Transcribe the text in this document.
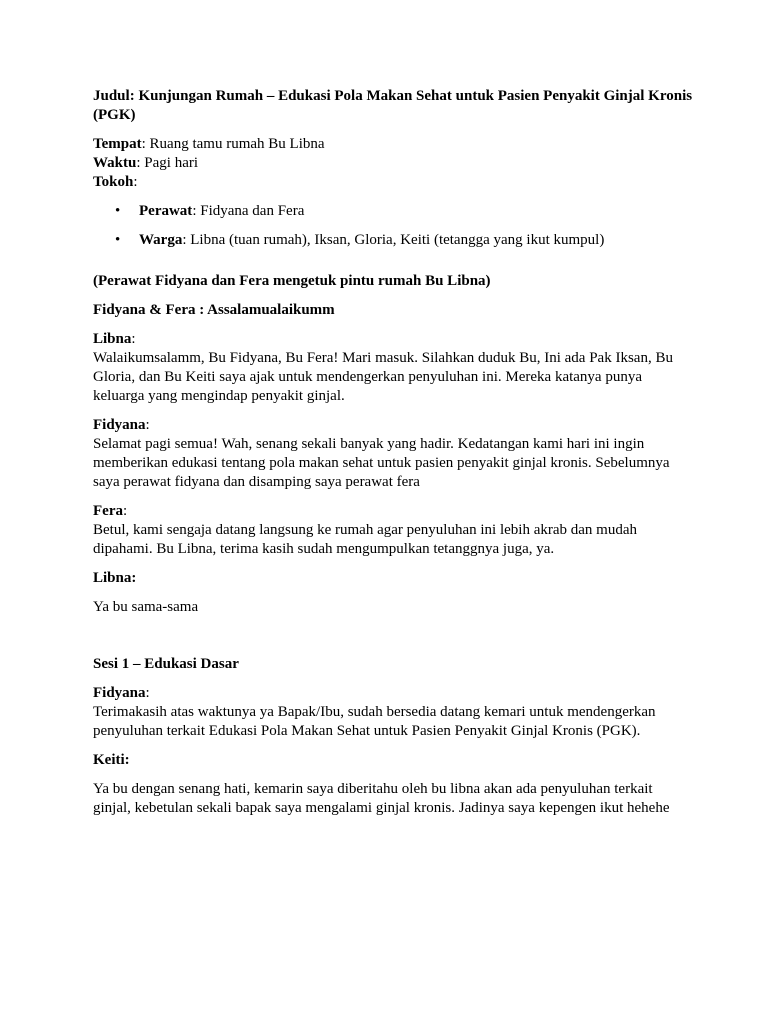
Judul: Kunjungan Rumah – Edukasi Pola Makan Sehat untuk Pasien Penyakit Ginjal Kronis (PGK)

Tempat: Ruang tamu rumah Bu Libna
Waktu: Pagi hari
Tokoh:
• Perawat: Fidyana dan Fera
• Warga: Libna (tuan rumah), Iksan, Gloria, Keiti (tetangga yang ikut kumpul)

(Perawat Fidyana dan Fera mengetuk pintu rumah Bu Libna)

Fidyana & Fera : Assalamualaikumm

Libna:

Walaikumsalamm, Bu Fidyana, Bu Fera! Mari masuk. Silahkan duduk Bu, Ini ada Pak Iksan, Bu Gloria, dan Bu Keiti saya ajak untuk mendengerkan penyuluhan ini. Mereka katanya punya keluarga yang mengindap penyakit ginjal.

Fidyana:

Selamat pagi semua! Wah, senang sekali banyak yang hadir. Kedatangan kami hari ini ingin memberikan edukasi tentang pola makan sehat untuk pasien penyakit ginjal kronis. Sebelumnya saya perawat fidyana dan disamping saya perawat fera

Fera:

Betul, kami sengaja datang langsung ke rumah agar penyuluhan ini lebih akrab dan mudah dipahami. Bu Libna, terima kasih sudah mengumpulkan tetanggnya juga, ya.

Libna:

Ya bu sama-sama

Sesi 1 – Edukasi Dasar

Fidyana:

Terimakasih atas waktunya ya Bapak/Ibu, sudah bersedia datang kemari untuk mendengerkan penyuluhan terkait Edukasi Pola Makan Sehat untuk Pasien Penyakit Ginjal Kronis (PGK).

Keiti:

Ya bu dengan senang hati, kemarin saya diberitahu oleh bu libna akan ada penyuluhan terkait ginjal, kebetulan sekali bapak saya mengalami ginjal kronis. Jadinya saya kepengen ikut hehehe
